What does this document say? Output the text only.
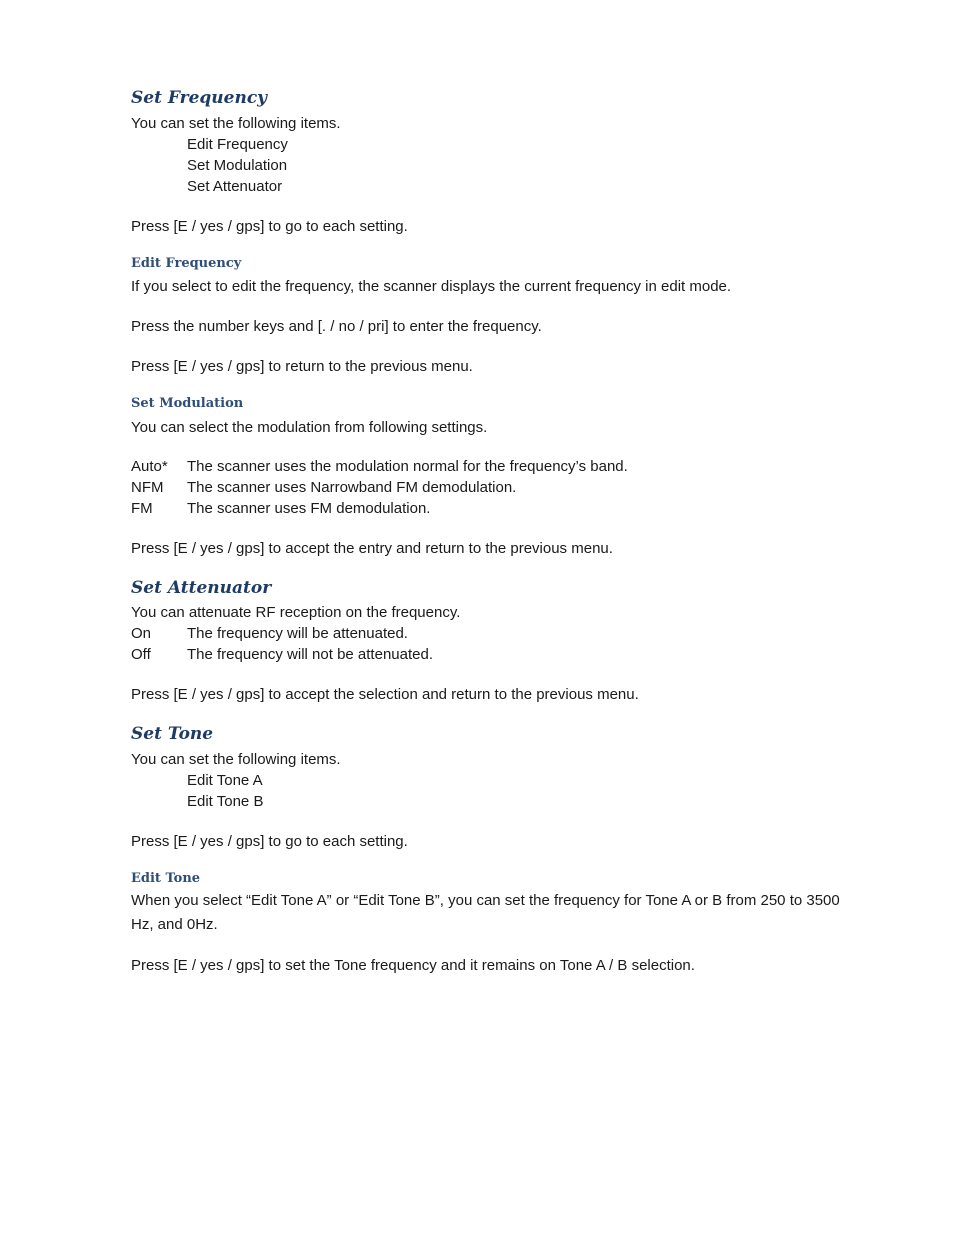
Set Frequency
You can set the following items.
Edit Frequency
Set Modulation
Set Attenuator
Press [E / yes / gps] to go to each setting.
Edit Frequency
If you select to edit the frequency, the scanner displays the current frequency in edit mode.
Press the number keys and [. / no / pri] to enter the frequency.
Press [E / yes / gps] to return to the previous menu.
Set Modulation
You can select the modulation from following settings.
Auto* The scanner uses the modulation normal for the frequency’s band.
NFM The scanner uses Narrowband FM demodulation.
FM The scanner uses FM demodulation.
Press [E / yes / gps] to accept the entry and return to the previous menu.
Set Attenuator
You can attenuate RF reception on the frequency.
On The frequency will be attenuated.
Off The frequency will not be attenuated.
Press [E / yes / gps] to accept the selection and return to the previous menu.
Set Tone
You can set the following items.
Edit Tone A
Edit Tone B
Press [E / yes / gps] to go to each setting.
Edit Tone
When you select “Edit Tone A” or “Edit Tone B”, you can set the frequency for Tone A or B from 250 to 3500 Hz, and 0Hz.
Press [E / yes / gps] to set the Tone frequency and it remains on Tone A / B selection.
